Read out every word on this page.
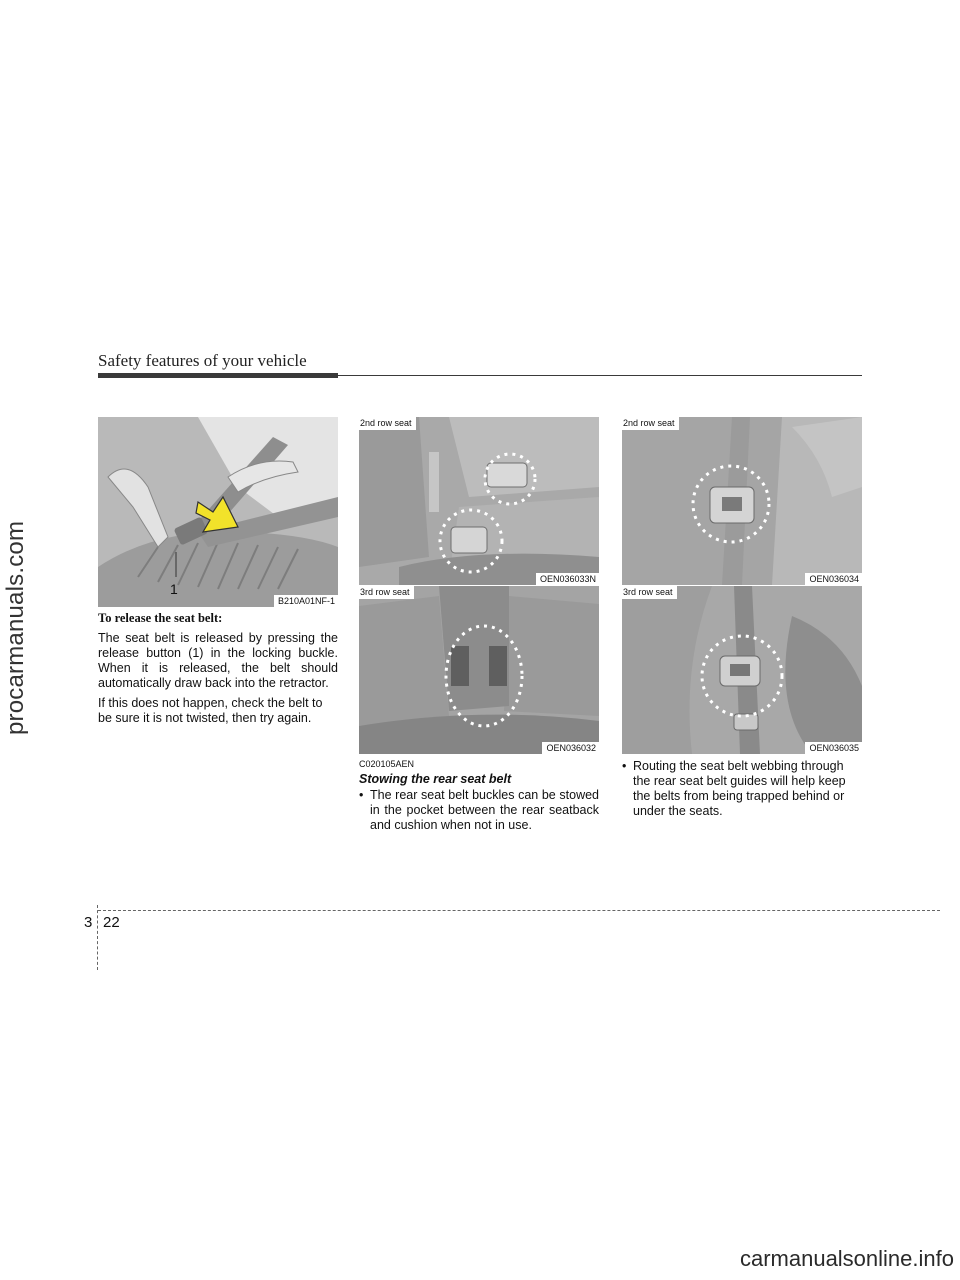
procarmanuals.com
Safety features of your vehicle
1
B210A01NF-1
To release the seat belt:

The seat belt is released by pressing the release button (1) in the locking buckle. When it is released, the belt should automatically draw back into the retractor.

If this does not happen, check the belt to be sure it is not twisted, then try again.

2nd row seat
OEN036033N
3rd row seat
OEN036032
C020105AEN
Stowing the rear seat belt
• The rear seat belt buckles can be stowed in the pocket between the rear seatback and cushion when not in use.
2nd row seat
OEN036034
3rd row seat
OEN036035
• Routing the seat belt webbing through the rear seat belt guides will help keep the belts from being trapped behind or under the seats.
3 22
carmanualsonline.info
